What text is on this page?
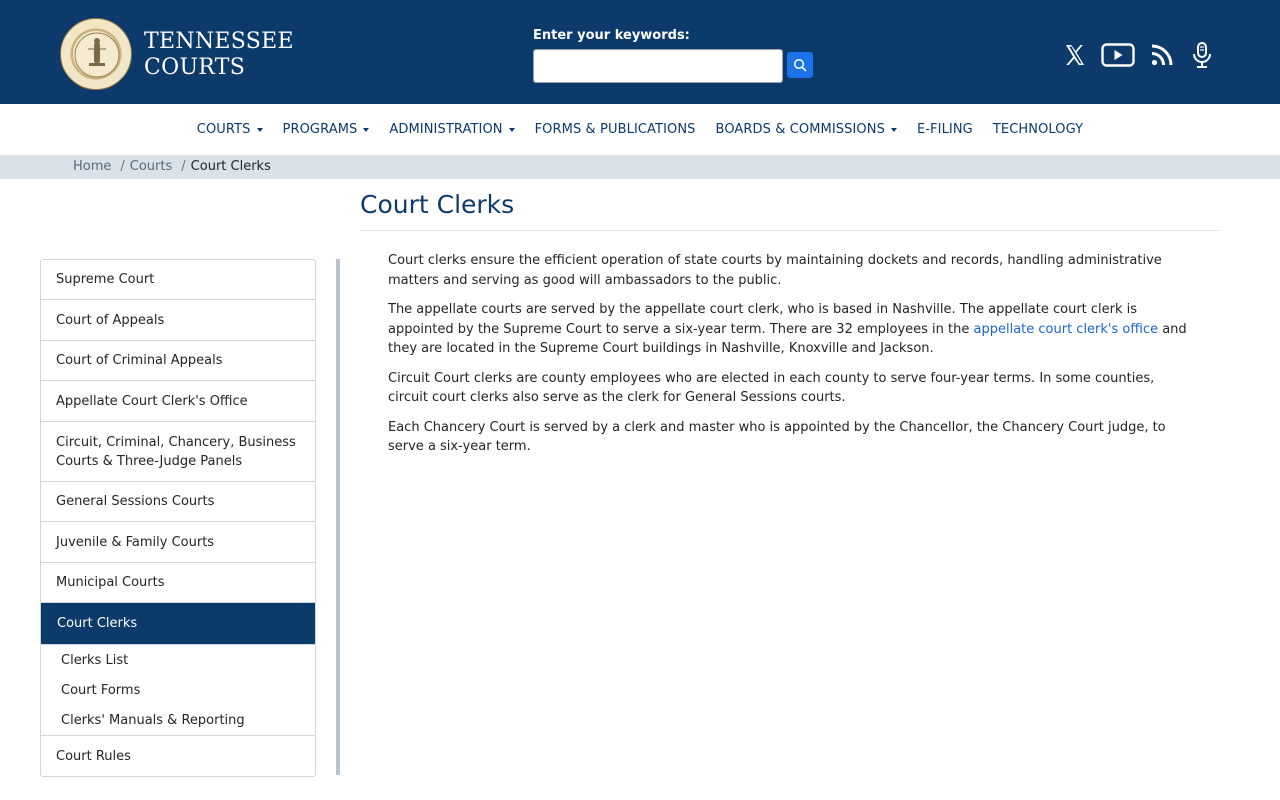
TENNESSEE
COURTS
Enter your keywords:
COURTS	PROGRAMS	ADMINISTRATION	FORMS & PUBLICATIONS	BOARDS & COMMISSIONS	E-FILING	TECHNOLOGY
Home / Courts / Court Clerks
Court Clerks
Supreme Court
Court of Appeals
Court of Criminal Appeals
Appellate Court Clerk's Office
Circuit, Criminal, Chancery, Business Courts & Three-Judge Panels
General Sessions Courts
Juvenile & Family Courts
Municipal Courts
Court Clerks
Clerks List
Court Forms
Clerks' Manuals & Reporting
Court Rules

Court clerks ensure the efficient operation of state courts by maintaining dockets and records, handling administrative matters and serving as good will ambassadors to the public.

The appellate courts are served by the appellate court clerk, who is based in Nashville. The appellate court clerk is appointed by the Supreme Court to serve a six-year term. There are 32 employees in the appellate court clerk's office and they are located in the Supreme Court buildings in Nashville, Knoxville and Jackson.

Circuit Court clerks are county employees who are elected in each county to serve four-year terms. In some counties, circuit court clerks also serve as the clerk for General Sessions courts.

Each Chancery Court is served by a clerk and master who is appointed by the Chancellor, the Chancery Court judge, to serve a six-year term.
